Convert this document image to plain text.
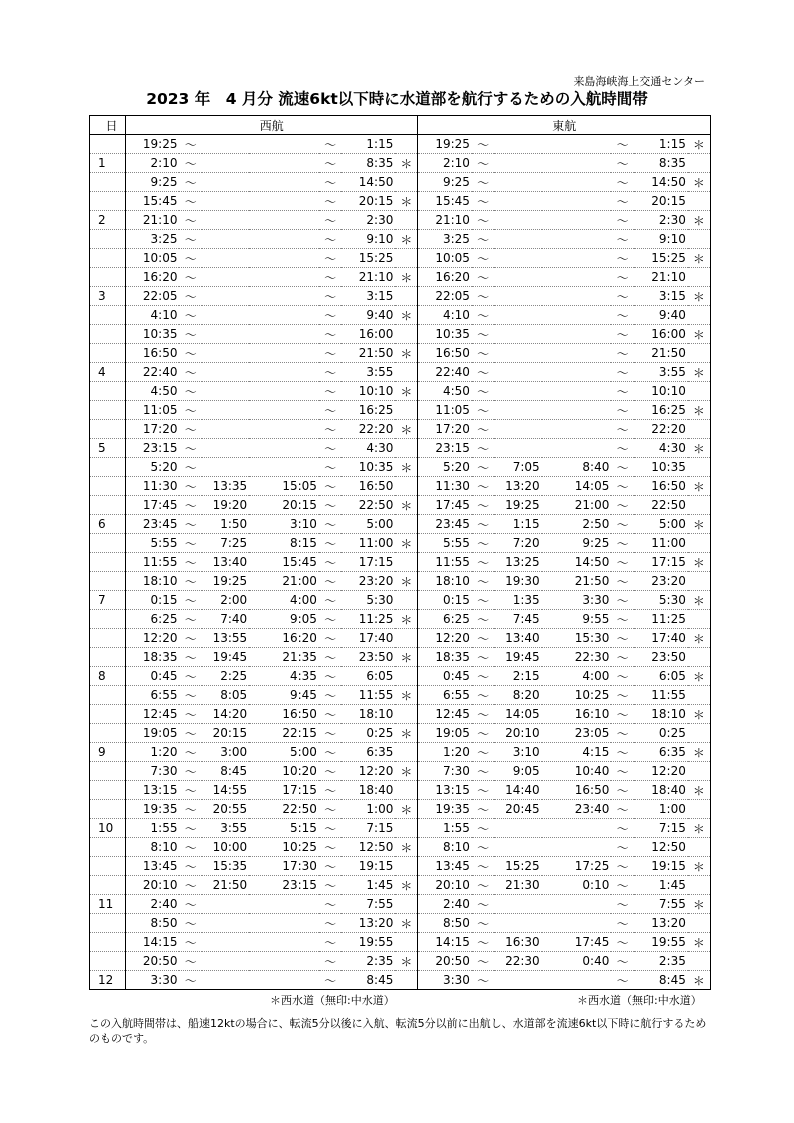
来島海峡海上交通センター
2023 年　4 月分 流速6kt以下時に水道部を航行するための入航時間帯
日	西航							東航						
	19:25	〜			〜	1:15		19:25	〜			〜	1:15	＊
1	2:10	〜			〜	8:35	＊	2:10	〜			〜	8:35	
	9:25	〜			〜	14:50		9:25	〜			〜	14:50	＊
	15:45	〜			〜	20:15	＊	15:45	〜			〜	20:15	
2	21:10	〜			〜	2:30		21:10	〜			〜	2:30	＊
	3:25	〜			〜	9:10	＊	3:25	〜			〜	9:10	
	10:05	〜			〜	15:25		10:05	〜			〜	15:25	＊
	16:20	〜			〜	21:10	＊	16:20	〜			〜	21:10	
3	22:05	〜			〜	3:15		22:05	〜			〜	3:15	＊
	4:10	〜			〜	9:40	＊	4:10	〜			〜	9:40	
	10:35	〜			〜	16:00		10:35	〜			〜	16:00	＊
	16:50	〜			〜	21:50	＊	16:50	〜			〜	21:50	
4	22:40	〜			〜	3:55		22:40	〜			〜	3:55	＊
	4:50	〜			〜	10:10	＊	4:50	〜			〜	10:10	
	11:05	〜			〜	16:25		11:05	〜			〜	16:25	＊
	17:20	〜			〜	22:20	＊	17:20	〜			〜	22:20	
5	23:15	〜			〜	4:30		23:15	〜			〜	4:30	＊
	5:20	〜			〜	10:35	＊	5:20	〜	7:05	8:40	〜	10:35	
	11:30	〜	13:35	15:05	〜	16:50		11:30	〜	13:20	14:05	〜	16:50	＊
	17:45	〜	19:20	20:15	〜	22:50	＊	17:45	〜	19:25	21:00	〜	22:50	
6	23:45	〜	1:50	3:10	〜	5:00		23:45	〜	1:15	2:50	〜	5:00	＊
	5:55	〜	7:25	8:15	〜	11:00	＊	5:55	〜	7:20	9:25	〜	11:00	
	11:55	〜	13:40	15:45	〜	17:15		11:55	〜	13:25	14:50	〜	17:15	＊
	18:10	〜	19:25	21:00	〜	23:20	＊	18:10	〜	19:30	21:50	〜	23:20	
7	0:15	〜	2:00	4:00	〜	5:30		0:15	〜	1:35	3:30	〜	5:30	＊
	6:25	〜	7:40	9:05	〜	11:25	＊	6:25	〜	7:45	9:55	〜	11:25	
	12:20	〜	13:55	16:20	〜	17:40		12:20	〜	13:40	15:30	〜	17:40	＊
	18:35	〜	19:45	21:35	〜	23:50	＊	18:35	〜	19:45	22:30	〜	23:50	
8	0:45	〜	2:25	4:35	〜	6:05		0:45	〜	2:15	4:00	〜	6:05	＊
	6:55	〜	8:05	9:45	〜	11:55	＊	6:55	〜	8:20	10:25	〜	11:55	
	12:45	〜	14:20	16:50	〜	18:10		12:45	〜	14:05	16:10	〜	18:10	＊
	19:05	〜	20:15	22:15	〜	0:25	＊	19:05	〜	20:10	23:05	〜	0:25	
9	1:20	〜	3:00	5:00	〜	6:35		1:20	〜	3:10	4:15	〜	6:35	＊
	7:30	〜	8:45	10:20	〜	12:20	＊	7:30	〜	9:05	10:40	〜	12:20	
	13:15	〜	14:55	17:15	〜	18:40		13:15	〜	14:40	16:50	〜	18:40	＊
	19:35	〜	20:55	22:50	〜	1:00	＊	19:35	〜	20:45	23:40	〜	1:00	
10	1:55	〜	3:55	5:15	〜	7:15		1:55	〜			〜	7:15	＊
	8:10	〜	10:00	10:25	〜	12:50	＊	8:10	〜			〜	12:50	
	13:45	〜	15:35	17:30	〜	19:15		13:45	〜	15:25	17:25	〜	19:15	＊
	20:10	〜	21:50	23:15	〜	1:45	＊	20:10	〜	21:30	0:10	〜	1:45	
11	2:40	〜			〜	7:55		2:40	〜			〜	7:55	＊
	8:50	〜			〜	13:20	＊	8:50	〜			〜	13:20	
	14:15	〜			〜	19:55		14:15	〜	16:30	17:45	〜	19:55	＊
	20:50	〜			〜	2:35	＊	20:50	〜	22:30	0:40	〜	2:35	
12	3:30	〜			〜	8:45		3:30	〜			〜	8:45	＊
＊西水道（無印:中水道）	＊西水道（無印:中水道）
この入航時間帯は、船速12ktの場合に、転流5分以後に入航、転流5分以前に出航し、水道部を流速6kt以下時に航行するためのものです。
